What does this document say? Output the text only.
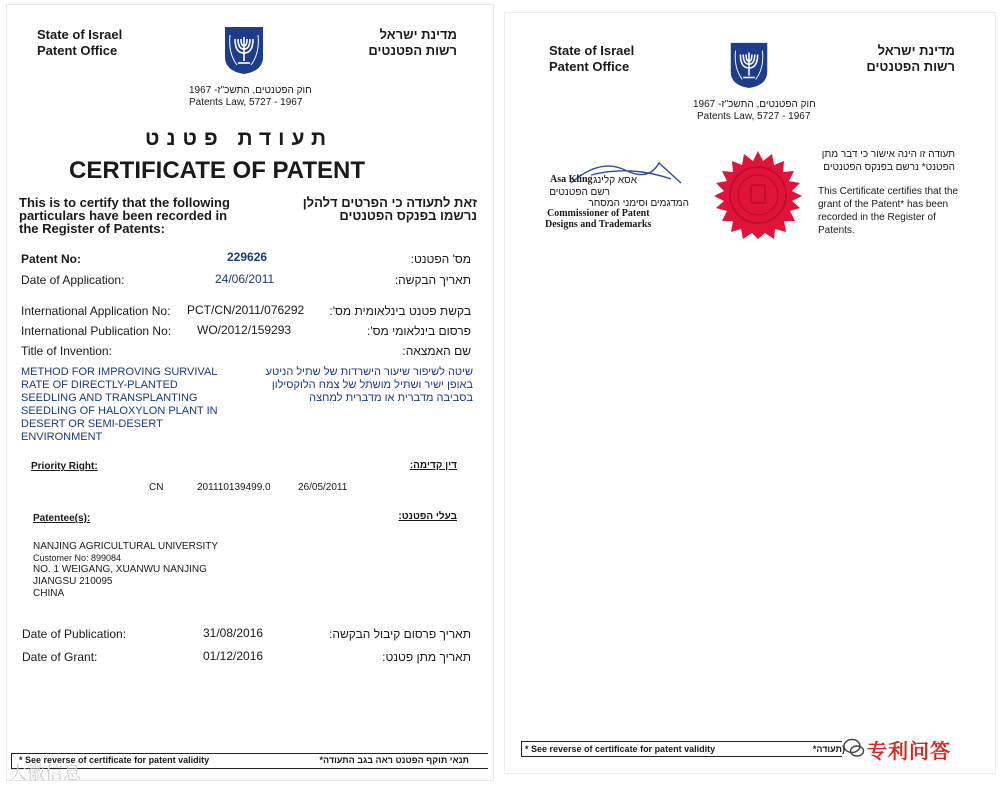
State of Israel
Patent Office
מדינת ישראל
רשות הפטנטים
חוק הפטנטים, התשכ"ז- 1967
Patents Law, 5727 - 1967
תעודת פטנט
CERTIFICATE OF PATENT
This is to certify that the following particulars have been recorded in the Register of Patents:
זאת לתעודה כי הפרטים דלהלן נרשמו בפנקס הפטנטים
Patent No:	229626	מס' הפטנט:
Date of Application:	24/06/2011	תאריך הבקשה:
International Application No: PCT/CN/2011/076292 בקשת פטנט בינלאומית מס':
International Publication No: WO/2012/159293	פרסום בינלאומי מס':
Title of Invention:	שם האמצאה:
METHOD FOR IMPROVING SURVIVAL RATE OF DIRECTLY-PLANTED SEEDLING AND TRANSPLANTING SEEDLING OF HALOXYLON PLANT IN DESERT OR SEMI-DESERT ENVIRONMENT
שיטה לשיפור שיעור הישרדות של שתיל הניטע באופן ישיר ושתיל מושתל של צמח הלוקסילון בסביבה מדברית או מדברית למחצה
Priority Right:	דין קדימה:
CN	201110139499.0	26/05/2011
Patentee(s):	בעלי הפטנט:
NANJING AGRICULTURAL UNIVERSITY
Customer No: 899084
NO. 1 WEIGANG, XUANWU NANJING
JIANGSU 210095
CHINA
Date of Publication:	31/08/2016	תאריך פרסום קיבול הבקשה:
Date of Grant:	01/12/2016	תאריך מתן פטנט:
* See reverse of certificate for patent validity	תנאי תוקף הפטנט ראה בגב התעודה*
大徽信息
State of Israel
Patent Office
מדינת ישראל
רשות הפטנטים
חוק הפטנטים, התשכ"ז- 1967
Patents Law, 5727 - 1967
Asa Kling אסא קלינג
רשם הפטנטים
המדגמים וסימני המסחר
Commissioner of Patent
Designs and Trademarks
תעודה זו הינה אישור כי דבר מתן הפטנט* נרשם בפנקס הפטנטים
This Certificate certifies that the grant of the Patent* has been recorded in the Register of Patents.
* See reverse of certificate for patent validity	(תעודה* 专利问答
